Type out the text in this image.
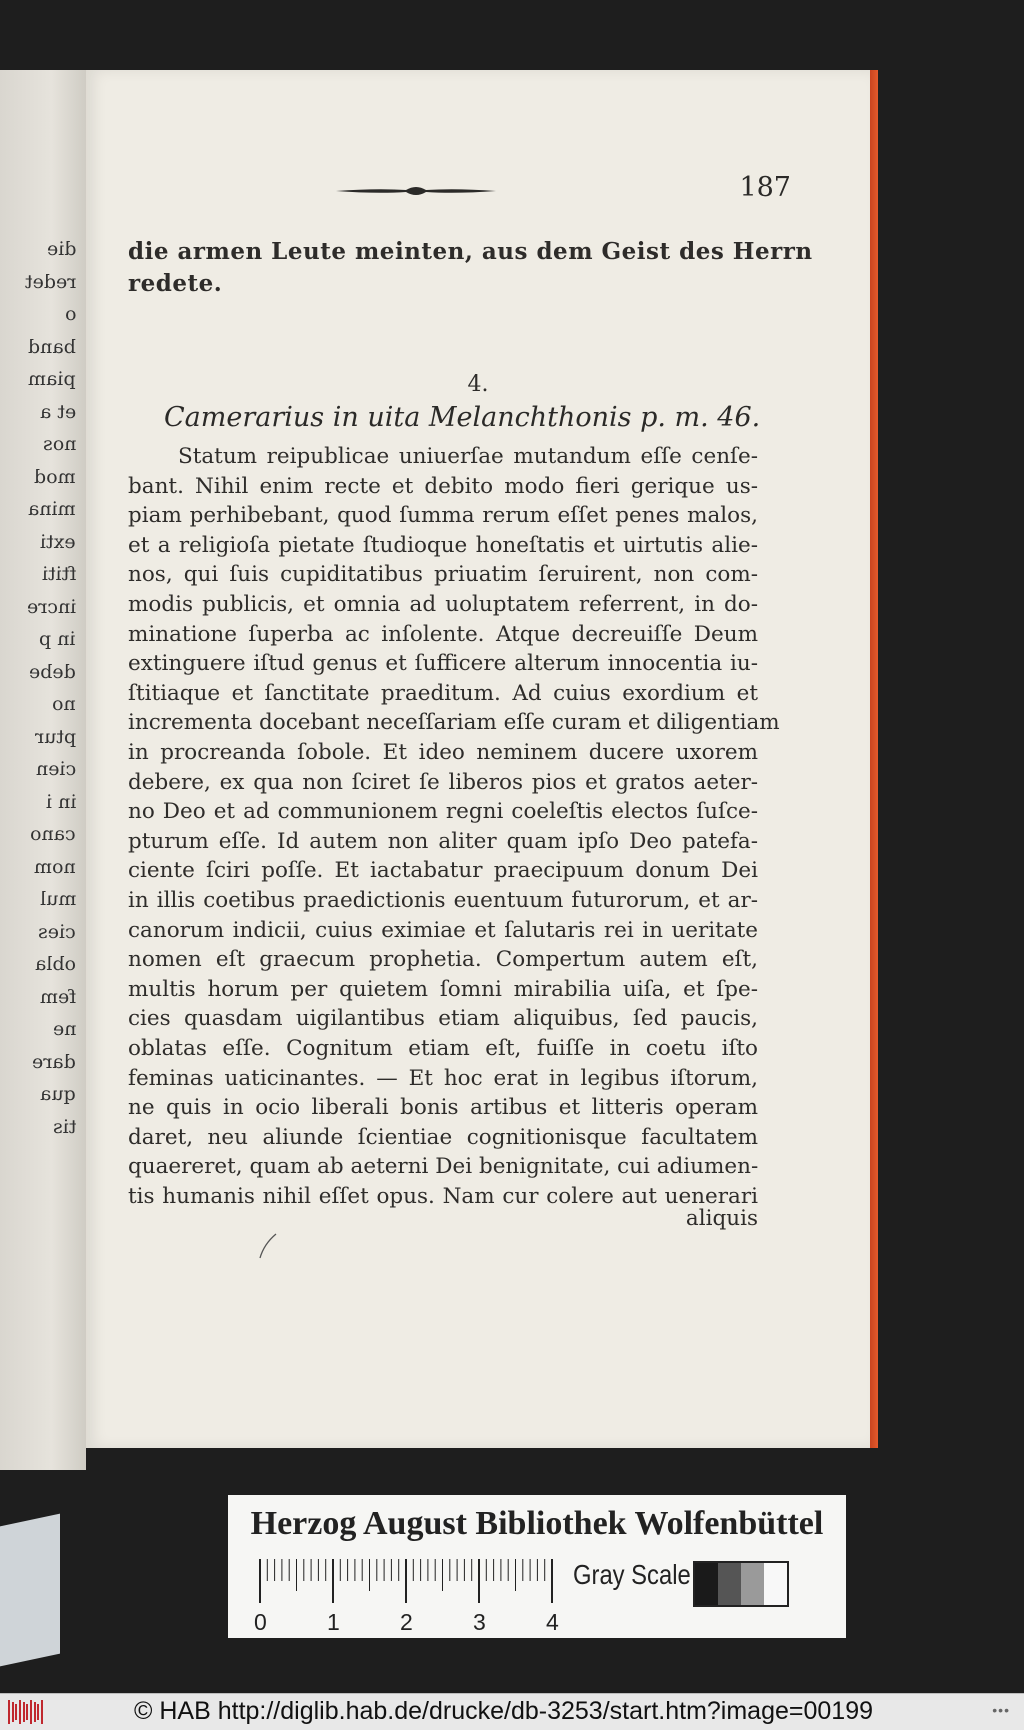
die
redet
o
band
piam
et a
nos
mod
mina
exti
ftiti
incre
in p
debe
no
ptur
cien
in i
cano
nom
mul
cies
obla
fem
ne
dare
qua
tis
187
die armen Leute meinten, aus dem Geist des Herrn
redete.
4.
Camerarius in uita Melanchthonis p. m. 46.
Statum reipublicae uniuerſae mutandum eſſe cenſe-
bant. Nihil enim recte et debito modo fieri gerique us-
piam perhibebant, quod ſumma rerum eſſet penes malos,
et a religioſa pietate ſtudioque honeſtatis et uirtutis alie-
nos, qui ſuis cupiditatibus priuatim ſeruirent, non com-
modis publicis, et omnia ad uoluptatem referrent, in do-
minatione ſuperba ac inſolente. Atque decreuiſſe Deum
extinguere iſtud genus et ſufficere alterum innocentia iu-
ſtitiaque et ſanctitate praeditum. Ad cuius exordium et
incrementa docebant neceſſariam eſſe curam et diligentiam
in procreanda ſobole. Et ideo neminem ducere uxorem
debere, ex qua non ſciret ſe liberos pios et gratos aeter-
no Deo et ad communionem regni coeleſtis electos ſuſce-
pturum eſſe. Id autem non aliter quam ipſo Deo patefa-
ciente ſciri poſſe. Et iactabatur praecipuum donum Dei
in illis coetibus praedictionis euentuum futurorum, et ar-
canorum indicii, cuius eximiae et ſalutaris rei in ueritate
nomen eſt graecum prophetia. Compertum autem eſt,
multis horum per quietem ſomni mirabilia uiſa, et ſpe-
cies quasdam uigilantibus etiam aliquibus, ſed paucis,
oblatas eſſe. Cognitum etiam eſt, fuiſſe in coetu iſto
feminas uaticinantes. — Et hoc erat in legibus iſtorum,
ne quis in ocio liberali bonis artibus et litteris operam
daret, neu aliunde ſcientiae cognitionisque facultatem
quaereret, quam ab aeterni Dei benignitate, cui adiumen-
tis humanis nihil eſſet opus. Nam cur colere aut uenerari
aliquis
Herzog August Bibliothek Wolfenbüttel
0	1	2	3	4
Gray Scale
© HAB http://diglib.hab.de/drucke/db-3253/start.htm?image=00199	•••
